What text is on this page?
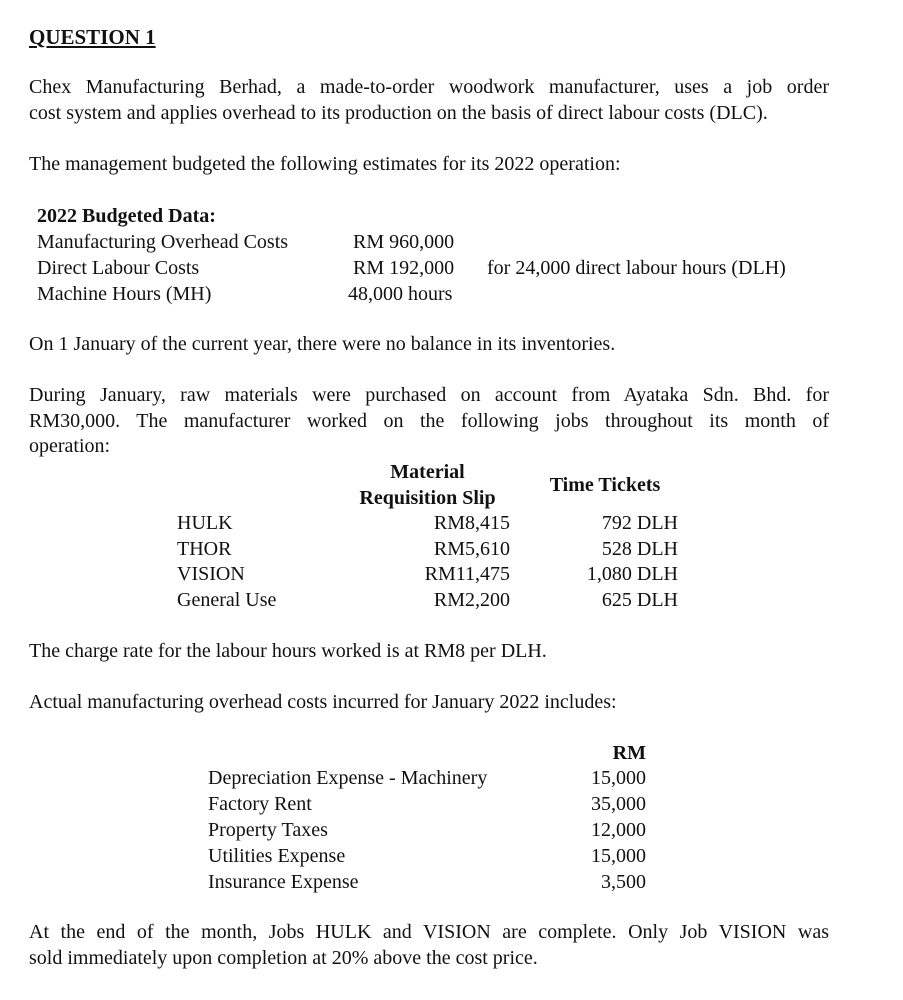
QUESTION 1
Chex Manufacturing Berhad, a made-to-order woodwork manufacturer, uses a job order
cost system and applies overhead to its production on the basis of direct labour costs (DLC).
The management budgeted the following estimates for its 2022 operation:
2022 Budgeted Data:
Manufacturing Overhead Costs	RM 960,000
Direct Labour Costs	RM 192,000 for 24,000 direct labour hours (DLH)
Machine Hours (MH)	48,000 hours
On 1 January of the current year, there were no balance in its inventories.
During January, raw materials were purchased on account from Ayataka Sdn. Bhd. for
RM30,000. The manufacturer worked on the following jobs throughout its month of
operation:
Material
Requisition Slip
Time Tickets
HULK	RM8,415	792 DLH
THOR	RM5,610	528 DLH
VISION	RM11,475	1,080 DLH
General Use	RM2,200	625 DLH
The charge rate for the labour hours worked is at RM8 per DLH.
Actual manufacturing overhead costs incurred for January 2022 includes:
RM
Depreciation Expense - Machinery	15,000
Factory Rent	35,000
Property Taxes	12,000
Utilities Expense	15,000
Insurance Expense	3,500
At the end of the month, Jobs HULK and VISION are complete. Only Job VISION was
sold immediately upon completion at 20% above the cost price.
